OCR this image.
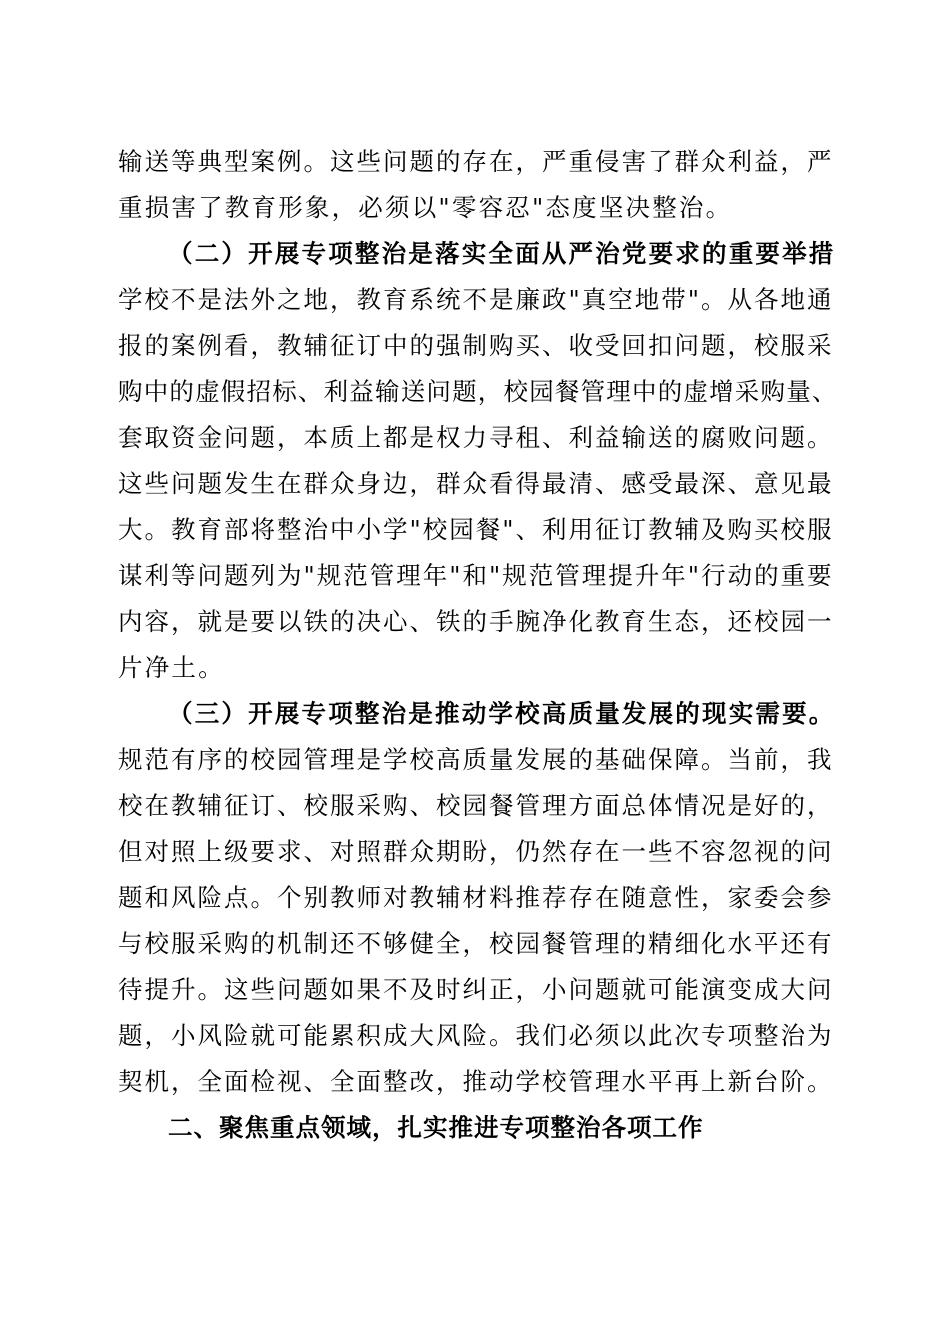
输送等典型案例。这些问题的存在，严重侵害了群众利益，严
重损害了教育形象，必须以"零容忍"态度坚决整治。
（二）开展专项整治是落实全面从严治党要求的重要举措
学校不是法外之地，教育系统不是廉政"真空地带"。从各地通
报的案例看，教辅征订中的强制购买、收受回扣问题，校服采
购中的虚假招标、利益输送问题，校园餐管理中的虚增采购量、
套取资金问题，本质上都是权力寻租、利益输送的腐败问题。
这些问题发生在群众身边，群众看得最清、感受最深、意见最
大。教育部将整治中小学"校园餐"、利用征订教辅及购买校服
谋利等问题列为"规范管理年"和"规范管理提升年"行动的重要
内容，就是要以铁的决心、铁的手腕净化教育生态，还校园一
片净土。
（三）开展专项整治是推动学校高质量发展的现实需要。
规范有序的校园管理是学校高质量发展的基础保障。当前，我
校在教辅征订、校服采购、校园餐管理方面总体情况是好的，
但对照上级要求、对照群众期盼，仍然存在一些不容忽视的问
题和风险点。个别教师对教辅材料推荐存在随意性，家委会参
与校服采购的机制还不够健全，校园餐管理的精细化水平还有
待提升。这些问题如果不及时纠正，小问题就可能演变成大问
题，小风险就可能累积成大风险。我们必须以此次专项整治为
契机，全面检视、全面整改，推动学校管理水平再上新台阶。
二、聚焦重点领域，扎实推进专项整治各项工作
